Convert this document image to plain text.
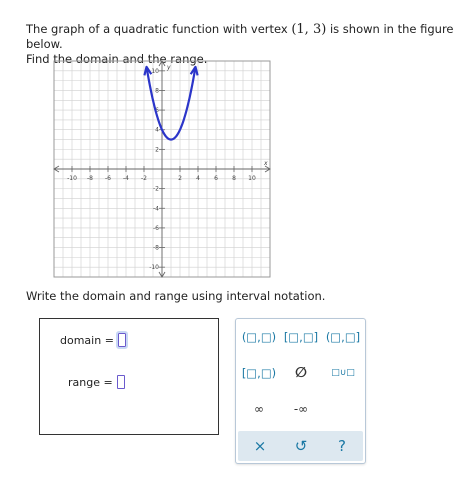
The graph of a quadratic function with vertex (1, 3) is shown in the figure below.
Find the domain and the range.
-10 -8 -6 -4 -2	2 4 6 8 10
10
8
6
4
2
-2
-4
-6
-8
-10
x
y
Write the domain and range using interval notation.
domain =
range =
(□,□) [□,□] (□,□]
[□,□)	∅	□∪□
∞	-∞
×	↺	?
